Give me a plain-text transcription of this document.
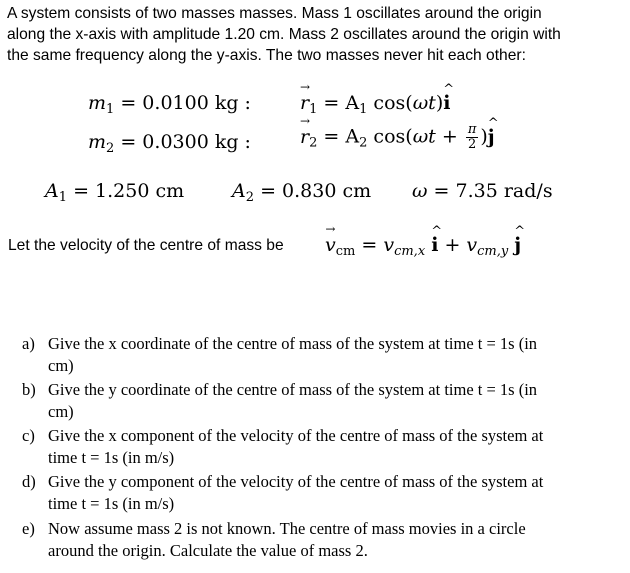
A system consists of two masses masses. Mass 1 oscillates around the origin
along the x-axis with amplitude 1.20 cm. Mass 2 oscillates around the origin with
the same frequency along the y-axis. The two masses never hit each other:
$m_1 = 0.0100$ kg :	→ $r_1 = A_1$ cos(ωt)^ i
$m_2 = 0.0300$ kg :	→ $r_2 = A_2$ $\cos(\omega t + \frac{\pi}{2}$ )^ j
$A_1 = 1.250$ cm	$A_2 = 0.830$ cm ω = 7.35 rad/s
Let the velocity of the centre of mass be → $v_{cm} = v_{cm,x}$ ^ $i + v_{cm,y}$ ^ j
a) Give the x coordinate of the centre of mass of the system at time t = 1s (in
cm)
b) Give the y coordinate of the centre of mass of the system at time t = 1s (in
cm)
c) Give the x component of the velocity of the centre of mass of the system at
time t = 1s (in m/s)
d) Give the y component of the velocity of the centre of mass of the system at
time t = 1s (in m/s)
e) Now assume mass 2 is not known. The centre of mass movies in a circle
around the origin. Calculate the value of mass 2.
